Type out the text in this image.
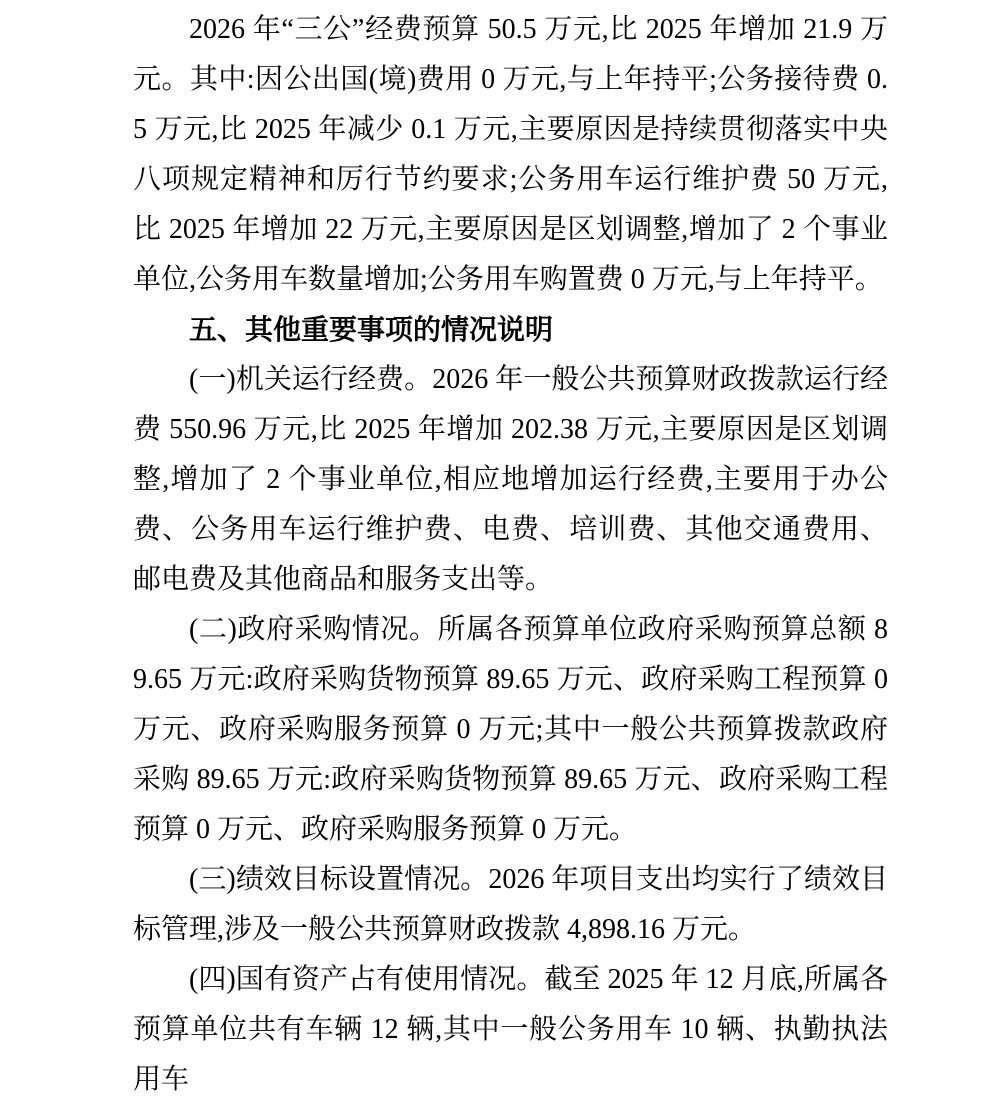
2026 年“三公”经费预算 50.5 万元,比 2025 年增加 21.9 万元。其中:因公出国(境)费用 0 万元,与上年持平;公务接待费 0.5 万元,比 2025 年减少 0.1 万元,主要原因是持续贯彻落实中央八项规定精神和厉行节约要求;公务用车运行维护费 50 万元,比 2025 年增加 22 万元,主要原因是区划调整,增加了 2 个事业单位,公务用车数量增加;公务用车购置费 0 万元,与上年持平。

五、其他重要事项的情况说明

(一)机关运行经费。2026 年一般公共预算财政拨款运行经费 550.96 万元,比 2025 年增加 202.38 万元,主要原因是区划调整,增加了 2 个事业单位,相应地增加运行经费,主要用于办公费、公务用车运行维护费、电费、培训费、其他交通费用、邮电费及其他商品和服务支出等。

(二)政府采购情况。所属各预算单位政府采购预算总额 89.65 万元:政府采购货物预算 89.65 万元、政府采购工程预算 0 万元、政府采购服务预算 0 万元;其中一般公共预算拨款政府采购 89.65 万元:政府采购货物预算 89.65 万元、政府采购工程预算 0 万元、政府采购服务预算 0 万元。

(三)绩效目标设置情况。2026 年项目支出均实行了绩效目标管理,涉及一般公共预算财政拨款 4,898.16 万元。

(四)国有资产占有使用情况。截至 2025 年 12 月底,所属各预算单位共有车辆 12 辆,其中一般公务用车 10 辆、执勤执法用车
